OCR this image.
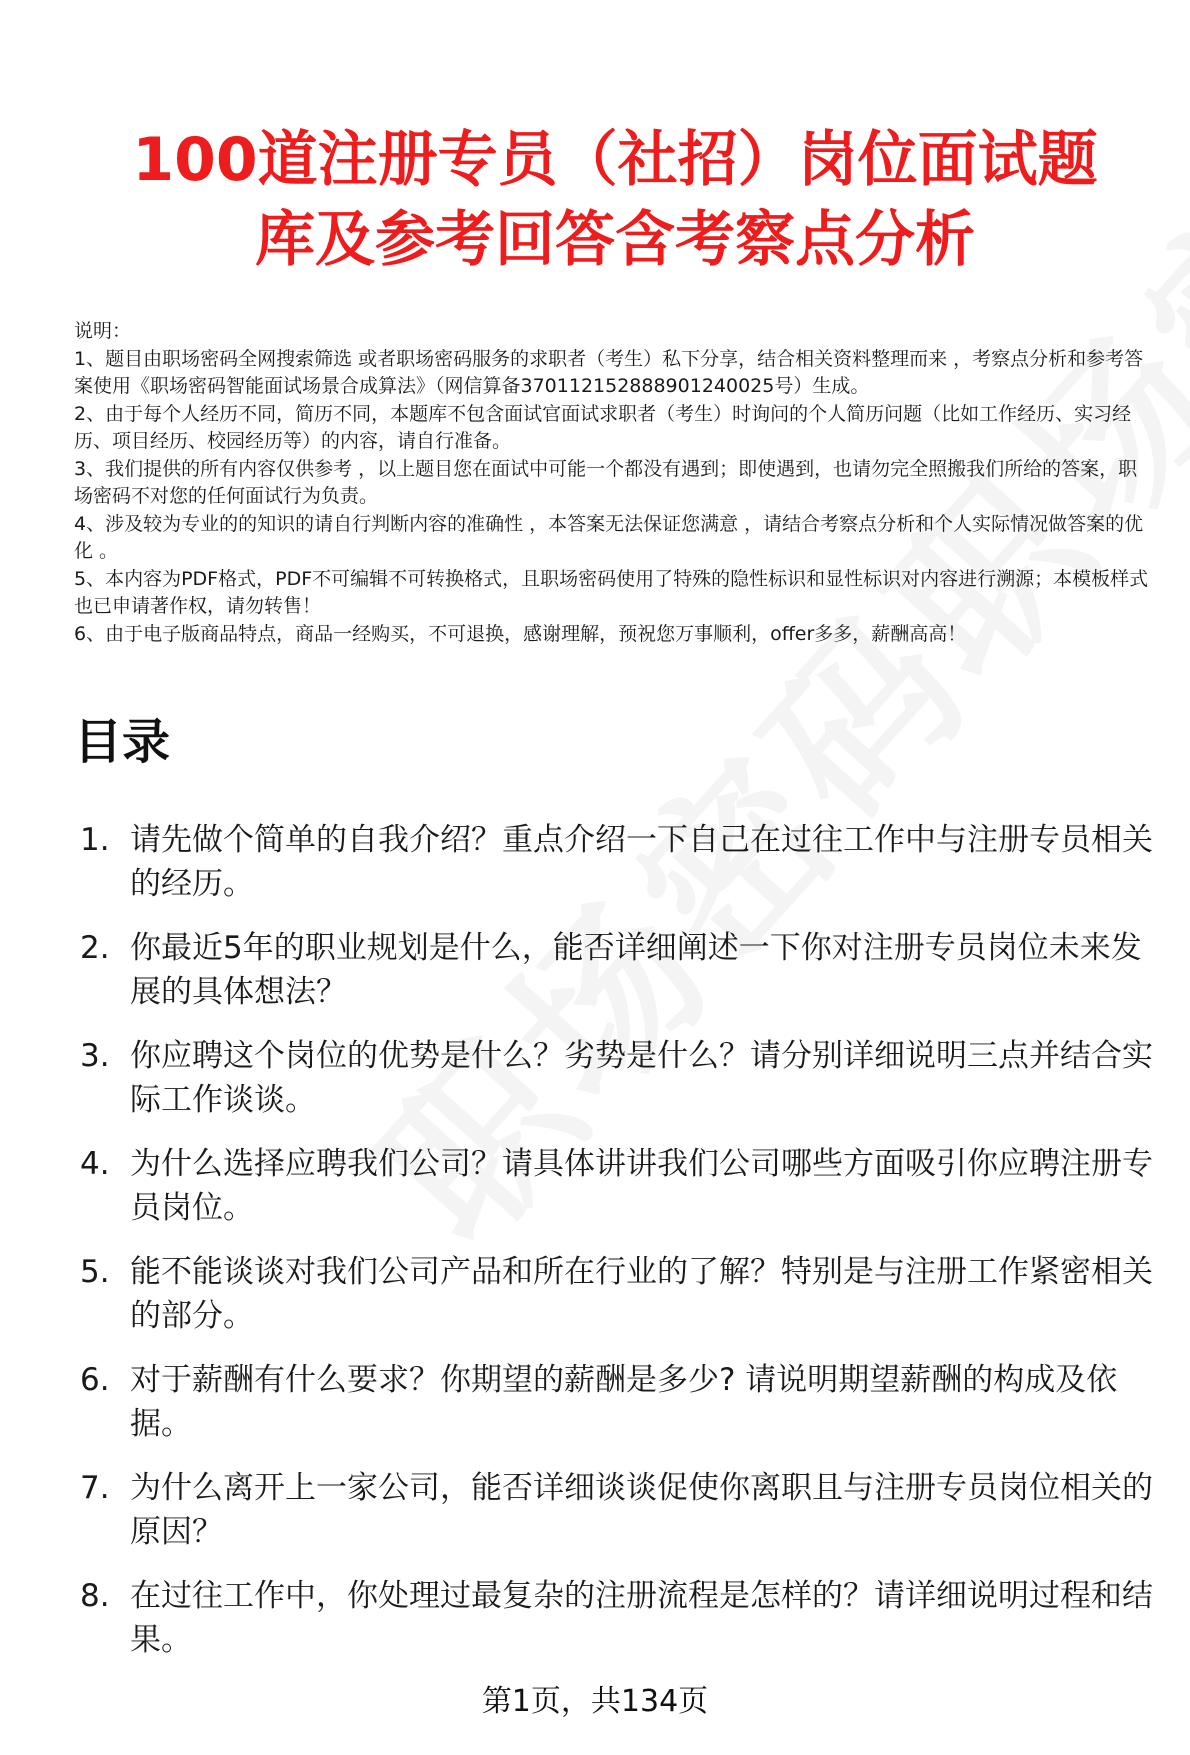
100道注册专员（社招）岗位面试题
库及参考回答含考察点分析

说明：

1、题目由职场密码全网搜索筛选 或者职场密码服务的求职者（考生）私下分享，结合相关资料整理而来 ，考察点分析和参考答案使用《职场密码智能面试场景合成算法》（网信算备370112152888901240025号）生成。

2、由于每个人经历不同，简历不同，本题库不包含面试官面试求职者（考生）时询问的个人简历问题（比如工作经历、实习经历、项目经历、校园经历等）的内容，请自行准备。

3、我们提供的所有内容仅供参考 ，以上题目您在面试中可能一个都没有遇到；即使遇到，也请勿完全照搬我们所给的答案，职场密码不对您的任何面试行为负责。

4、涉及较为专业的的知识的请自行判断内容的准确性 ，本答案无法保证您满意 ，请结合考察点分析和个人实际情况做答案的优化 。

5、本内容为PDF格式，PDF不可编辑不可转换格式，且职场密码使用了特殊的隐性标识和显性标识对内容进行溯源；本模板样式也已申请著作权，请勿转售！

6、由于电子版商品特点，商品一经购买，不可退换，感谢理解，预祝您万事顺利，offer多多，薪酬高高！

目录
1. 请先做个简单的自我介绍？重点介绍一下自己在过往工作中与注册专员相关的经历。
2. 你最近5年的职业规划是什么，能否详细阐述一下你对注册专员岗位未来发展的具体想法？
3. 你应聘这个岗位的优势是什么？劣势是什么？请分别详细说明三点并结合实际工作谈谈。
4. 为什么选择应聘我们公司？请具体讲讲我们公司哪些方面吸引你应聘注册专员岗位。
5. 能不能谈谈对我们公司产品和所在行业的了解？特别是与注册工作紧密相关的部分。
6. 对于薪酬有什么要求？你期望的薪酬是多少? 请说明期望薪酬的构成及依据。
7. 为什么离开上一家公司，能否详细谈谈促使你离职且与注册专员岗位相关的原因？
8. 在过往工作中，你处理过最复杂的注册流程是怎样的？请详细说明过程和结果。
第1页，共134页
